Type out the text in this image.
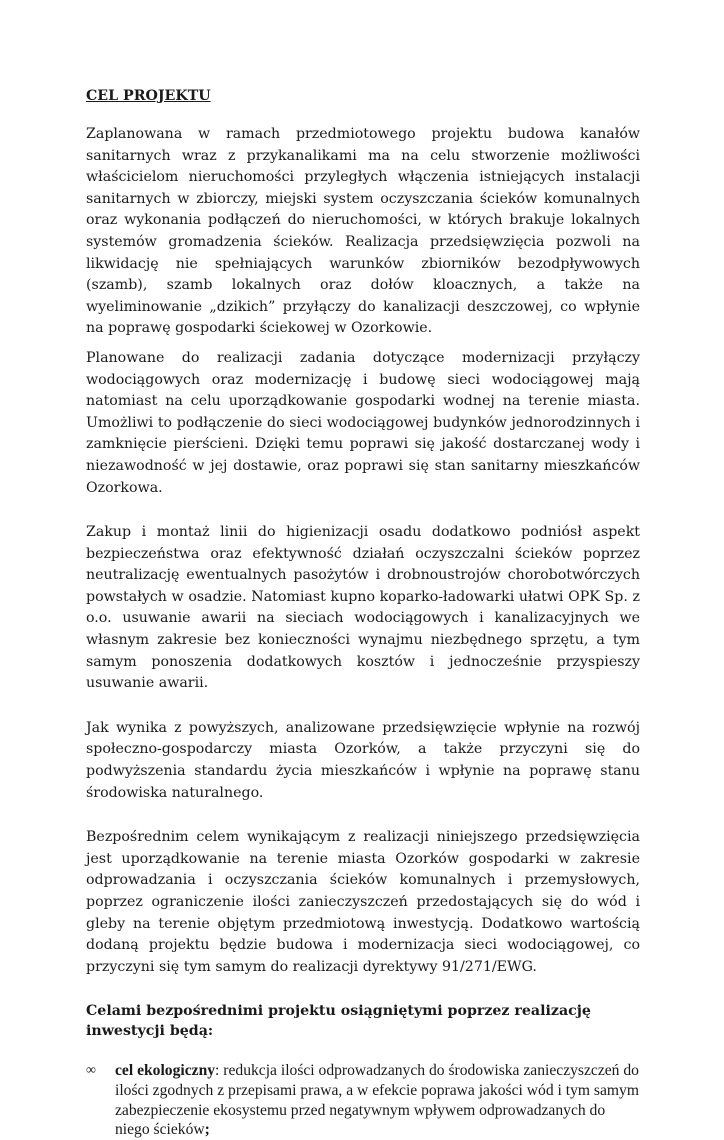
CEL PROJEKTU

Zaplanowana w ramach przedmiotowego projektu budowa kanałów sanitarnych wraz z przykanalikami ma na celu stworzenie możliwości właścicielom nieruchomości przyległych włączenia istniejących instalacji sanitarnych w zbiorczy, miejski system oczyszczania ścieków komunalnych oraz wykonania podłączeń do nieruchomości, w których brakuje lokalnych systemów gromadzenia ścieków. Realizacja przedsięwzięcia pozwoli na likwidację nie spełniających warunków zbiorników bezodpływowych (szamb), szamb lokalnych oraz dołów kloacznych, a także na wyeliminowanie „dzikich” przyłączy do kanalizacji deszczowej, co wpłynie na poprawę gospodarki ściekowej w Ozorkowie.

Planowane do realizacji zadania dotyczące modernizacji przyłączy wodociągowych oraz modernizację i budowę sieci wodociągowej mają natomiast na celu uporządkowanie gospodarki wodnej na terenie miasta. Umożliwi to podłączenie do sieci wodociągowej budynków jednorodzinnych i zamknięcie pierścieni. Dzięki temu poprawi się jakość dostarczanej wody i niezawodność w jej dostawie, oraz poprawi się stan sanitarny mieszkańców Ozorkowa.

Zakup i montaż linii do higienizacji osadu dodatkowo podniósł aspekt bezpieczeństwa oraz efektywność działań oczyszczalni ścieków poprzez neutralizację ewentualnych pasożytów i drobnoustrojów chorobotwórczych powstałych w osadzie. Natomiast kupno koparko-ładowarki ułatwi OPK Sp. z o.o. usuwanie awarii na sieciach wodociągowych i kanalizacyjnych we własnym zakresie bez konieczności wynajmu niezbędnego sprzętu, a tym samym ponoszenia dodatkowych kosztów i jednocześnie przyspieszy usuwanie awarii.

Jak wynika z powyższych, analizowane przedsięwzięcie wpłynie na rozwój społeczno-gospodarczy miasta Ozorków, a także przyczyni się do podwyższenia standardu życia mieszkańców i wpłynie na poprawę stanu środowiska naturalnego.

Bezpośrednim celem wynikającym z realizacji niniejszego przedsięwzięcia jest uporządkowanie na terenie miasta Ozorków gospodarki w zakresie odprowadzania i oczyszczania ścieków komunalnych i przemysłowych, poprzez ograniczenie ilości zanieczyszczeń przedostających się do wód i gleby na terenie objętym przedmiotową inwestycją. Dodatkowo wartością dodaną projektu będzie budowa i modernizacja sieci wodociągowej, co przyczyni się tym samym do realizacji dyrektywy 91/271/EWG.

Celami bezpośrednimi projektu osiągniętymi poprzez realizację inwestycji będą:
∞ cel ekologiczny: redukcja ilości odprowadzanych do środowiska zanieczyszczeń do ilości zgodnych z przepisami prawa, a w efekcie poprawa jakości wód i tym samym zabezpieczenie ekosystemu przed negatywnym wpływem odprowadzanych do niego ścieków;
